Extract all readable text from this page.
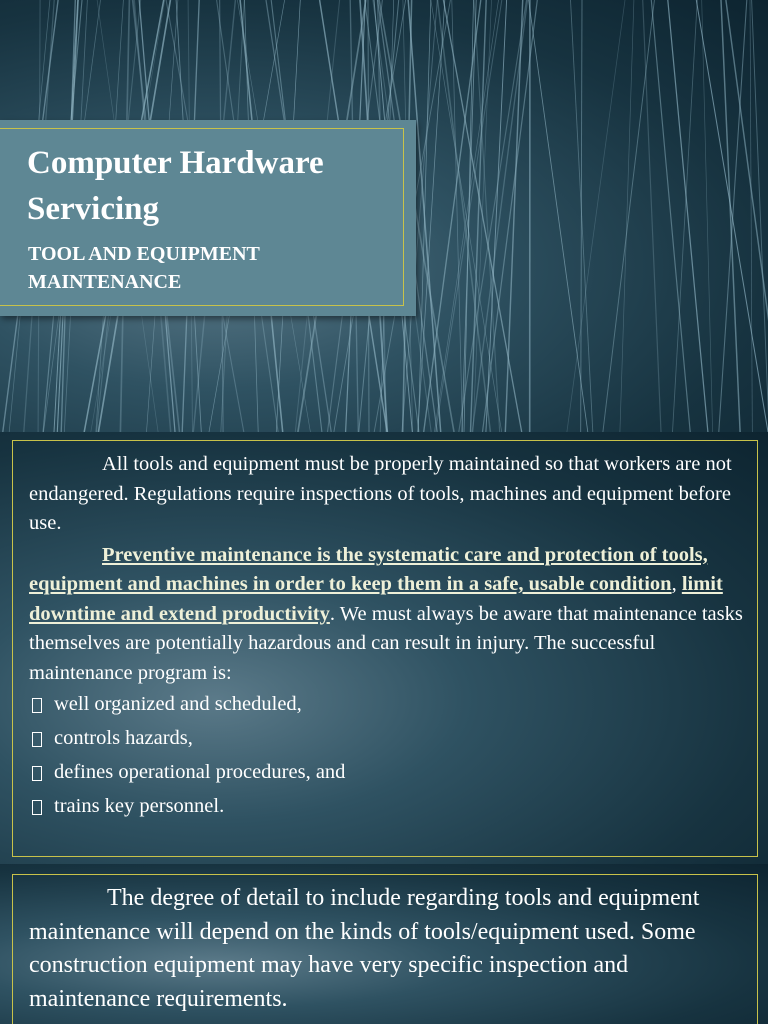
Computer Hardware Servicing
TOOL AND EQUIPMENT MAINTENANCE

All tools and equipment must be properly maintained so that workers are not endangered. Regulations require inspections of tools, machines and equipment before use.

Preventive maintenance is the systematic care and protection of tools, equipment and machines in order to keep them in a safe, usable condition, limit downtime and extend productivity. We must always be aware that maintenance tasks themselves are potentially hazardous and can result in injury. The successful maintenance program is:

well organized and scheduled,
controls hazards,
defines operational procedures, and
trains key personnel.

The degree of detail to include regarding tools and equipment maintenance will depend on the kinds of tools/equipment used. Some construction equipment may have very specific inspection and maintenance requirements.
